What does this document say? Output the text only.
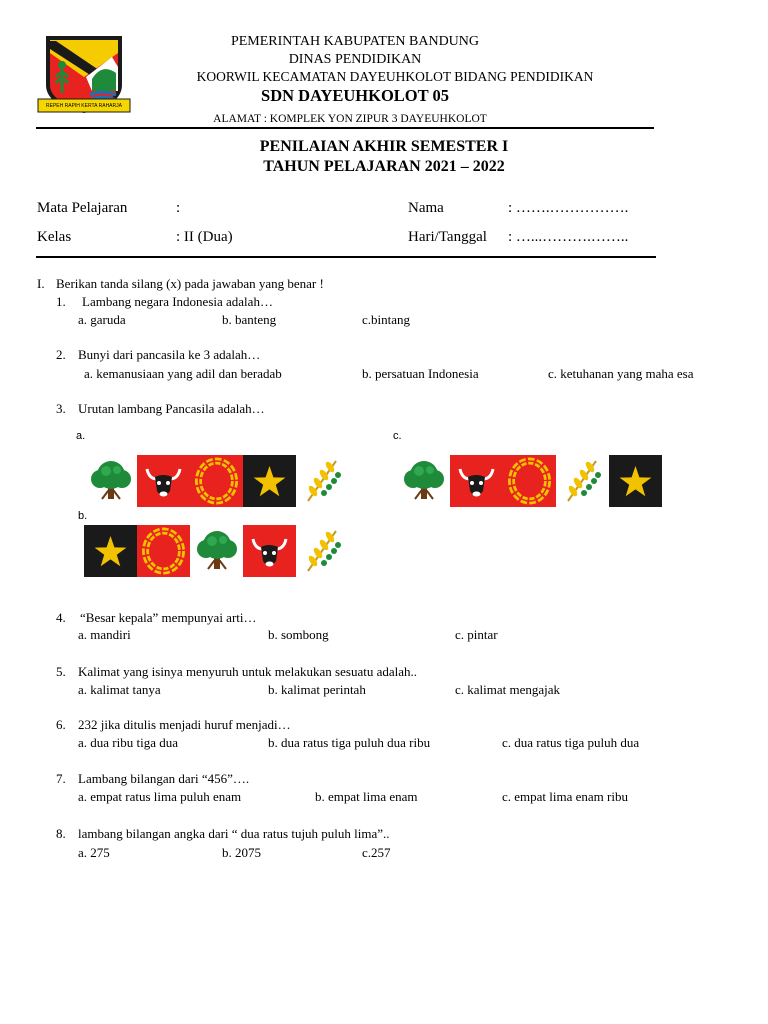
REPEH RAPIH KERTA RAHARJA
PEMERINTAH KABUPATEN BANDUNG
DINAS PENDIDIKAN
KOORWIL KECAMATAN DAYEUHKOLOT BIDANG PENDIDIKAN
SDN DAYEUHKOLOT 05
ALAMAT : KOMPLEK YON ZIPUR 3 DAYEUHKOLOT
PENILAIAN AKHIR SEMESTER I
TAHUN PELAJARAN 2021 – 2022
Mata Pelajaran	:	Nama	: …….…………….
Kelas	: II (Dua)	Hari/Tanggal : …...……….……..
I. Berikan tanda silang (x) pada jawaban yang benar !
1. Lambang negara Indonesia adalah…
a. garuda	b. banteng	c.bintang
2. Bunyi dari pancasila ke 3 adalah…
a. kemanusiaan yang adil dan beradab	b. persatuan Indonesia	c. ketuhanan yang maha esa
3. Urutan lambang Pancasila adalah…
a.
b.
c.
4. “Besar kepala” mempunyai arti…
a. mandiri	b. sombong	c. pintar
5. Kalimat yang isinya menyuruh untuk melakukan sesuatu adalah..
a. kalimat tanya	b. kalimat perintah	c. kalimat mengajak
6. 232 jika ditulis menjadi huruf menjadi…
a. dua ribu tiga dua	b. dua ratus tiga puluh dua ribu	c. dua ratus tiga puluh dua
7. Lambang bilangan dari “456”….
a. empat ratus lima puluh enam	b. empat lima enam	c. empat lima enam ribu
8. lambang bilangan angka dari “ dua ratus tujuh puluh lima”..
a. 275	b. 2075	c.257
